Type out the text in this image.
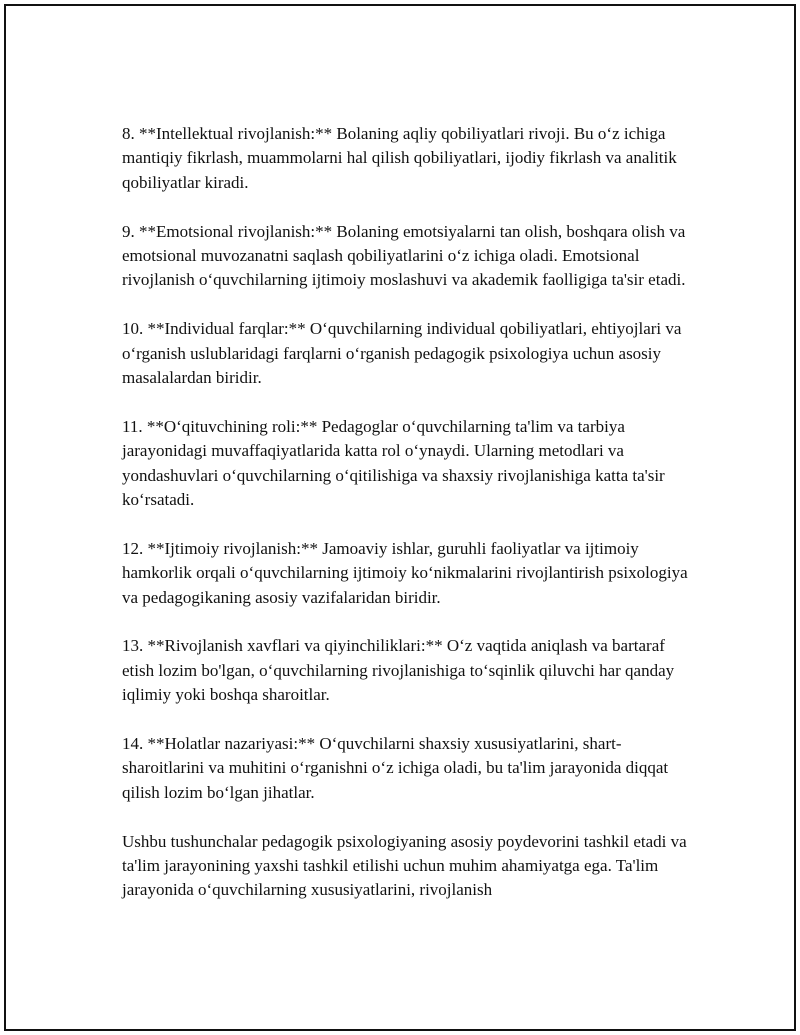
8. **Intellektual rivojlanish:** Bolaning aqliy qobiliyatlari rivoji. Bu o‘z ichiga mantiqiy fikrlash, muammolarni hal qilish qobiliyatlari, ijodiy fikrlash va analitik qobiliyatlar kiradi.

9. **Emotsional rivojlanish:** Bolaning emotsiyalarni tan olish, boshqara olish va emotsional muvozanatni saqlash qobiliyatlarini o‘z ichiga oladi. Emotsional rivojlanish o‘quvchilarning ijtimoiy moslashuvi va akademik faolligiga ta'sir etadi.

10. **Individual farqlar:** O‘quvchilarning individual qobiliyatlari, ehtiyojlari va o‘rganish uslublaridagi farqlarni o‘rganish pedagogik psixologiya uchun asosiy masalalardan biridir.

11. **O‘qituvchining roli:** Pedagoglar o‘quvchilarning ta'lim va tarbiya jarayonidagi muvaffaqiyatlarida katta rol o‘ynaydi. Ularning metodlari va yondashuvlari o‘quvchilarning o‘qitilishiga va shaxsiy rivojlanishiga katta ta'sir ko‘rsatadi.

12. **Ijtimoiy rivojlanish:** Jamoaviy ishlar, guruhli faoliyatlar va ijtimoiy hamkorlik orqali o‘quvchilarning ijtimoiy ko‘nikmalarini rivojlantirish psixologiya va pedagogikaning asosiy vazifalaridan biridir.

13. **Rivojlanish xavflari va qiyinchiliklari:** O‘z vaqtida aniqlash va bartaraf etish lozim bo'lgan, o‘quvchilarning rivojlanishiga to‘sqinlik qiluvchi har qanday iqlimiy yoki boshqa sharoitlar.

14. **Holatlar nazariyasi:** O‘quvchilarni shaxsiy xususiyatlarini, shart-sharoitlarini va muhitini o‘rganishni o‘z ichiga oladi, bu ta'lim jarayonida diqqat qilish lozim bo‘lgan jihatlar.

Ushbu tushunchalar pedagogik psixologiyaning asosiy poydevorini tashkil etadi va ta'lim jarayonining yaxshi tashkil etilishi uchun muhim ahamiyatga ega. Ta'lim jarayonida o‘quvchilarning xususiyatlarini, rivojlanish
